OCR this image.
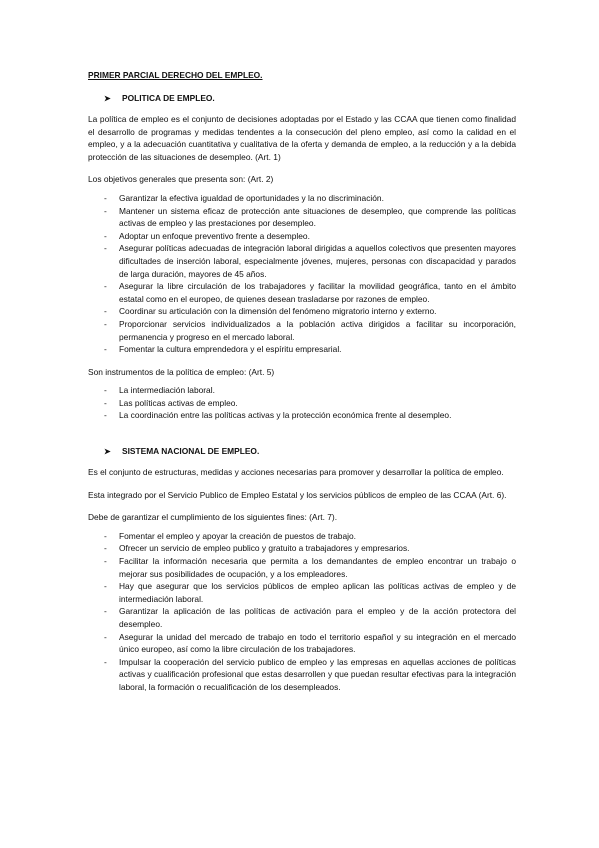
PRIMER PARCIAL DERECHO DEL EMPLEO.
➤	POLITICA DE EMPLEO.

La política de empleo es el conjunto de decisiones adoptadas por el Estado y las CCAA que tienen como finalidad el desarrollo de programas y medidas tendentes a la consecución del pleno empleo, así como la calidad en el empleo, y a la adecuación cuantitativa y cualitativa de la oferta y demanda de empleo, a la reducción y a la debida protección de las situaciones de desempleo. (Art. 1)

Los objetivos generales que presenta son: (Art. 2)

-	Garantizar la efectiva igualdad de oportunidades y la no discriminación.
-	Mantener un sistema eficaz de protección ante situaciones de desempleo, que comprende las políticas activas de empleo y las prestaciones por desempleo.
-	Adoptar un enfoque preventivo frente a desempleo.
-	Asegurar políticas adecuadas de integración laboral dirigidas a aquellos colectivos que presenten mayores dificultades de inserción laboral, especialmente jóvenes, mujeres, personas con discapacidad y parados de larga duración, mayores de 45 años.
-	Asegurar la libre circulación de los trabajadores y facilitar la movilidad geográfica, tanto en el ámbito estatal como en el europeo, de quienes desean trasladarse por razones de empleo.
-	Coordinar su articulación con la dimensión del fenómeno migratorio interno y externo.
-	Proporcionar servicios individualizados a la población activa dirigidos a facilitar su incorporación, permanencia y progreso en el mercado laboral.
-	Fomentar la cultura emprendedora y el espíritu empresarial.

Son instrumentos de la política de empleo: (Art. 5)

-	La intermediación laboral.
-	Las políticas activas de empleo.
-	La coordinación entre las políticas activas y la protección económica frente al desempleo.
➤	SISTEMA NACIONAL DE EMPLEO.

Es el conjunto de estructuras, medidas y acciones necesarias para promover y desarrollar la política de empleo.

Esta integrado por el Servicio Publico de Empleo Estatal y los servicios públicos de empleo de las CCAA (Art. 6).

Debe de garantizar el cumplimiento de los siguientes fines: (Art. 7).

-	Fomentar el empleo y apoyar la creación de puestos de trabajo.
-	Ofrecer un servicio de empleo publico y gratuito a trabajadores y empresarios.
-	Facilitar la información necesaria que permita a los demandantes de empleo encontrar un trabajo o mejorar sus posibilidades de ocupación, y a los empleadores.
-	Hay que asegurar que los servicios públicos de empleo aplican las políticas activas de empleo y de intermediación laboral.
-	Garantizar la aplicación de las políticas de activación para el empleo y de la acción protectora del desempleo.
-	Asegurar la unidad del mercado de trabajo en todo el territorio español y su integración en el mercado único europeo, así como la libre circulación de los trabajadores.
-	Impulsar la cooperación del servicio publico de empleo y las empresas en aquellas acciones de políticas activas y cualificación profesional que estas desarrollen y que puedan resultar efectivas para la integración laboral, la formación o recualificación de los desempleados.
